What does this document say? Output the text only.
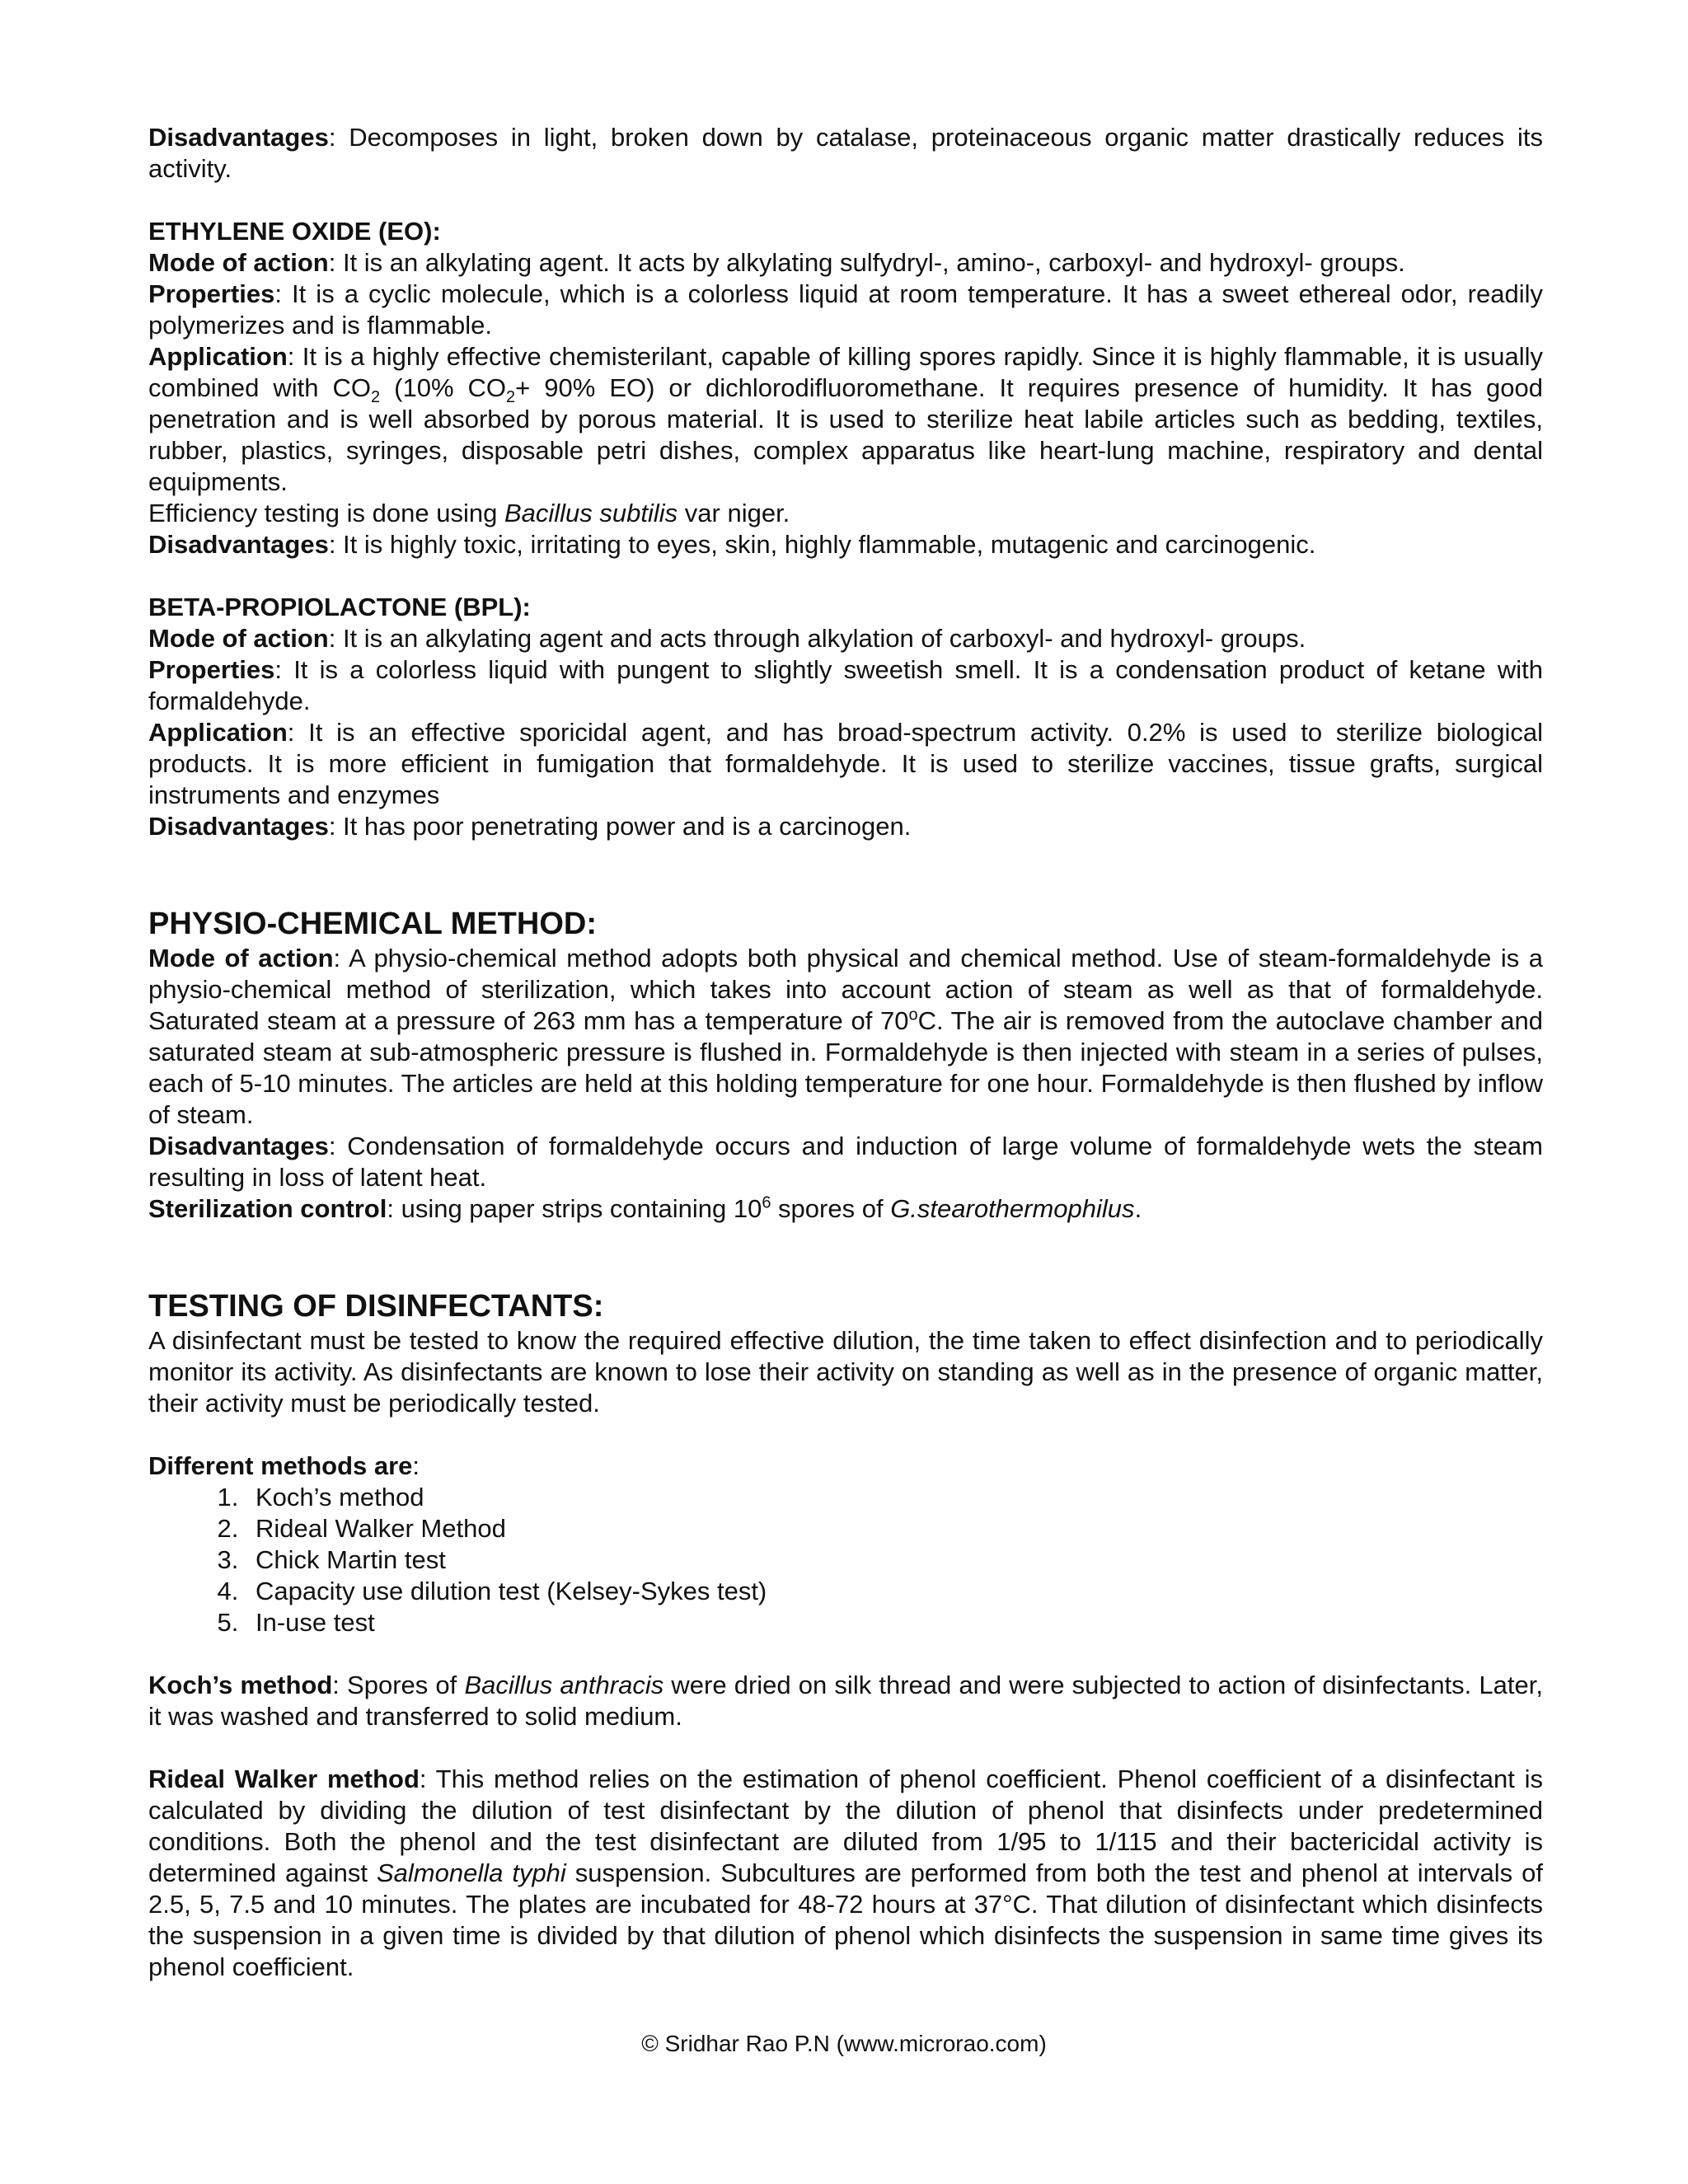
Disadvantages: Decomposes in light, broken down by catalase, proteinaceous organic matter drastically reduces its activity.

ETHYLENE OXIDE (EO):

Mode of action: It is an alkylating agent. It acts by alkylating sulfydryl-, amino-, carboxyl- and hydroxyl- groups.

Properties: It is a cyclic molecule, which is a colorless liquid at room temperature. It has a sweet ethereal odor, readily polymerizes and is flammable.

Application: It is a highly effective chemisterilant, capable of killing spores rapidly. Since it is highly flammable, it is usually combined with $CO_2$ (10% $CO_2+ 90\%$ EO) or dichlorodifluoromethane. It requires presence of humidity. It has good penetration and is well absorbed by porous material. It is used to sterilize heat labile articles such as bedding, textiles, rubber, plastics, syringes, disposable petri dishes, complex apparatus like heart-lung machine, respiratory and dental equipments.

Efficiency testing is done using Bacillus subtilis var niger.

Disadvantages: It is highly toxic, irritating to eyes, skin, highly flammable, mutagenic and carcinogenic.

BETA-PROPIOLACTONE (BPL):

Mode of action: It is an alkylating agent and acts through alkylation of carboxyl- and hydroxyl- groups.

Properties: It is a colorless liquid with pungent to slightly sweetish smell. It is a condensation product of ketane with formaldehyde.

Application: It is an effective sporicidal agent, and has broad-spectrum activity. 0.2% is used to sterilize biological products. It is more efficient in fumigation that formaldehyde. It is used to sterilize vaccines, tissue grafts, surgical instruments and enzymes

Disadvantages: It has poor penetrating power and is a carcinogen.

PHYSIO-CHEMICAL METHOD:

Mode of action: A physio-chemical method adopts both physical and chemical method. Use of steam-formaldehyde is a physio-chemical method of sterilization, which takes into account action of steam as well as that of formaldehyde. Saturated steam at a pressure of 263 mm has a temperature of 70$^o$C. The air is removed from the autoclave chamber and saturated steam at sub-atmospheric pressure is flushed in. Formaldehyde is then injected with steam in a series of pulses, each of 5-10 minutes. The articles are held at this holding temperature for one hour. Formaldehyde is then flushed by inflow of steam.

Disadvantages: Condensation of formaldehyde occurs and induction of large volume of formaldehyde wets the steam resulting in loss of latent heat.

Sterilization control: using paper strips containing $10^6$ spores of G.stearothermophilus.

TESTING OF DISINFECTANTS:

A disinfectant must be tested to know the required effective dilution, the time taken to effect disinfection and to periodically monitor its activity. As disinfectants are known to lose their activity on standing as well as in the presence of organic matter, their activity must be periodically tested.

Different methods are:

1. Koch’s method
2. Rideal Walker Method
3. Chick Martin test
4. Capacity use dilution test (Kelsey-Sykes test)
5. In-use test

Koch’s method: Spores of Bacillus anthracis were dried on silk thread and were subjected to action of disinfectants. Later, it was washed and transferred to solid medium.

Rideal Walker method: This method relies on the estimation of phenol coefficient. Phenol coefficient of a disinfectant is calculated by dividing the dilution of test disinfectant by the dilution of phenol that disinfects under predetermined conditions. Both the phenol and the test disinfectant are diluted from 1/95 to 1/115 and their bactericidal activity is determined against Salmonella typhi suspension. Subcultures are performed from both the test and phenol at intervals of 2.5, 5, 7.5 and 10 minutes. The plates are incubated for 48-72 hours at 37°C. That dilution of disinfectant which disinfects the suspension in a given time is divided by that dilution of phenol which disinfects the suspension in same time gives its phenol coefficient.

© Sridhar Rao P.N (www.microrao.com)
